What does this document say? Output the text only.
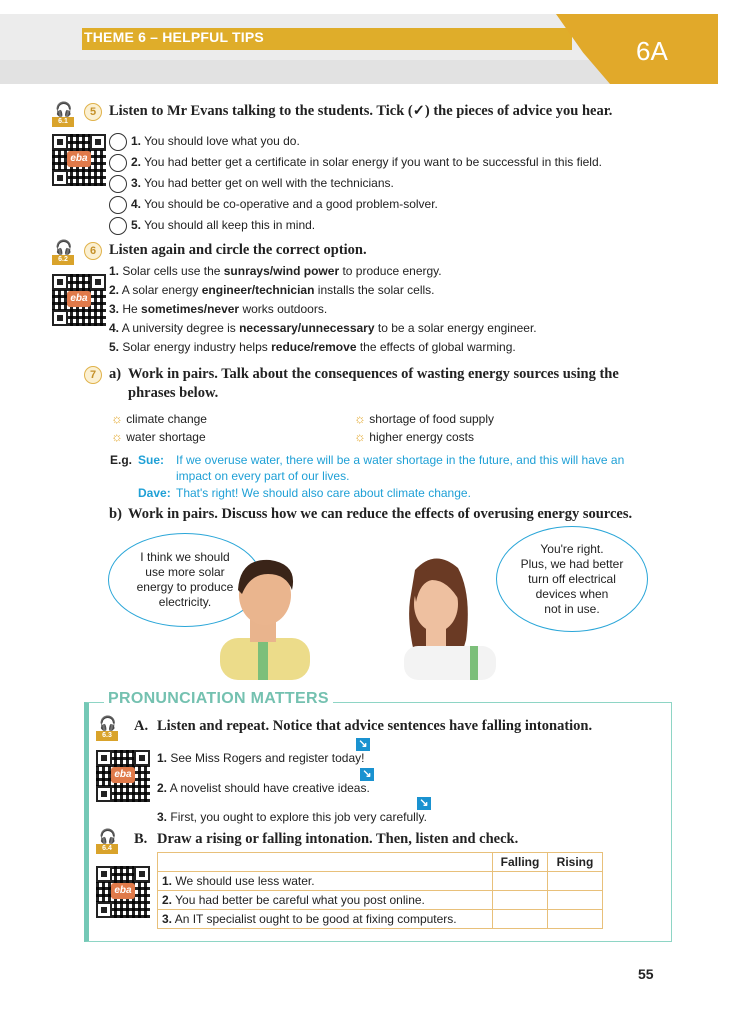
THEME 6 – HELPFUL TIPS	6A
🎧
6.1
5 Listen to Mr Evans talking to the students. Tick (✓) the pieces of advice you hear.
eba
1. You should love what you do.
2. You had better get a certificate in solar energy if you want to be successful in this field.
3. You had better get on well with the technicians.
4. You should be co-operative and a good problem-solver.
5. You should all keep this in mind.
🎧
6.2
6 Listen again and circle the correct option.
eba
1. Solar cells use the sunrays/wind power to produce energy.
2. A solar energy engineer/technician installs the solar cells.
3. He sometimes/never works outdoors.
4. A university degree is necessary/unnecessary to be a solar energy engineer.
5. Solar energy industry helps reduce/remove the effects of global warming.
7 a) Work in pairs. Talk about the consequences of wasting energy sources using the
phrases below.
☼ climate change	☼ shortage of food supply
☼ water shortage	☼ higher energy costs
E.g. Sue: If we overuse water, there will be a water shortage in the future, and this will have an
impact on every part of our lives.
Dave: That's right! We should also care about climate change.
b) Work in pairs. Discuss how we can reduce the effects of overusing energy sources.
I think we should
use more solar
energy to produce
electricity.
You're right.
Plus, we had better
turn off electrical
devices when
not in use.
PRONUNCIATION MATTERS
🎧
6.3
A. Listen and repeat. Notice that advice sentences have falling intonation.
eba
↘
1. See Miss Rogers and register today!
↘
2. A novelist should have creative ideas.
↘
3. First, you ought to explore this job very carefully.
🎧
6.4
B. Draw a rising or falling intonation. Then, listen and check.
eba
	Falling	Rising
1. We should use less water.		
2. You had better be careful what you post online.		
3. An IT specialist ought to be good at fixing computers.		
55
